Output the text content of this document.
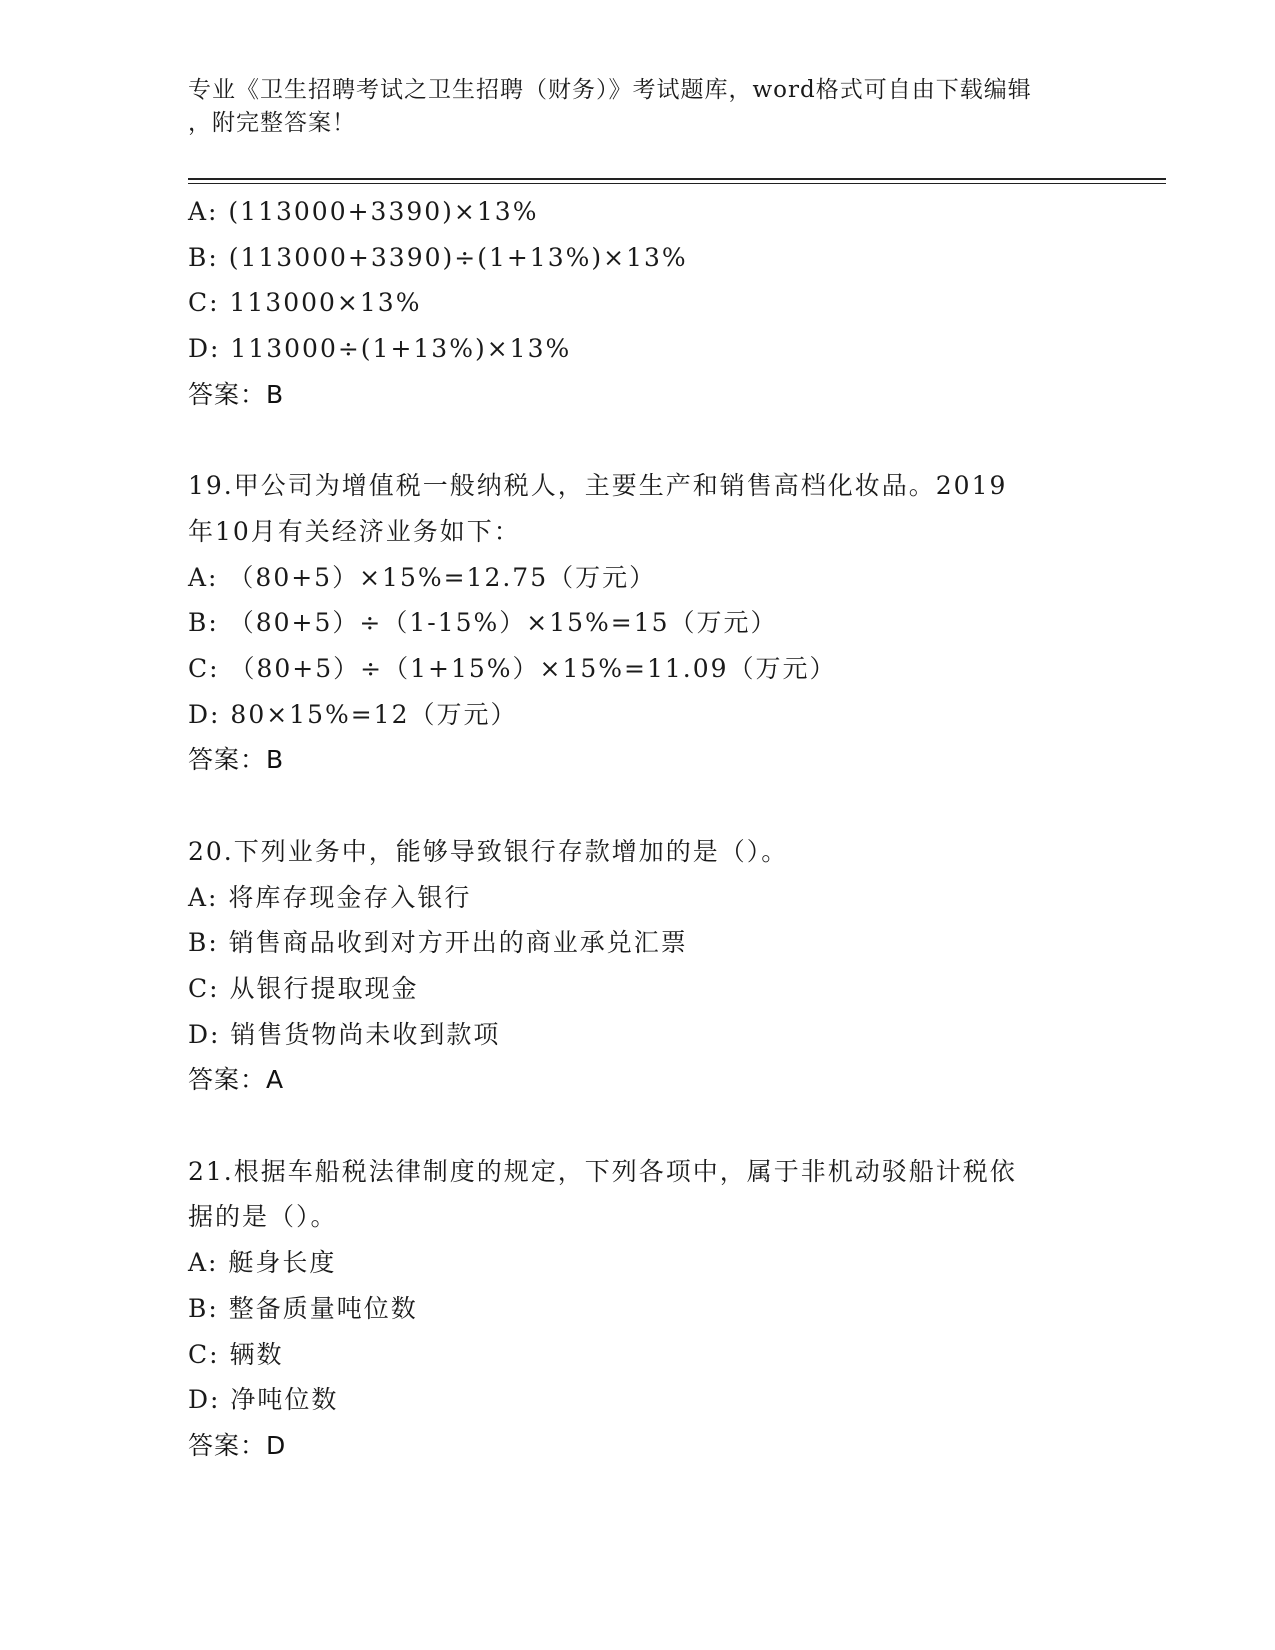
专业《卫生招聘考试之卫生招聘（财务）》考试题库，word格式可自由下载编辑
，附完整答案！
A: (113000+3390)×13%
B: (113000+3390)÷(1+13%)×13%
C: 113000×13%
D: 113000÷(1+13%)×13%
答案：B
19.甲公司为增值税一般纳税人，主要生产和销售高档化妆品。2019
年10月有关经济业务如下：
A: （80+5）×15%=12.75（万元）
B: （80+5）÷（1-15%）×15%=15（万元）
C: （80+5）÷（1+15%）×15%=11.09（万元）
D: 80×15%=12（万元）
答案：B
20.下列业务中，能够导致银行存款增加的是（）。
A: 将库存现金存入银行
B: 销售商品收到对方开出的商业承兑汇票
C: 从银行提取现金
D: 销售货物尚未收到款项
答案：A
21.根据车船税法律制度的规定，下列各项中，属于非机动驳船计税依
据的是（）。
A: 艇身长度
B: 整备质量吨位数
C: 辆数
D: 净吨位数
答案：D
